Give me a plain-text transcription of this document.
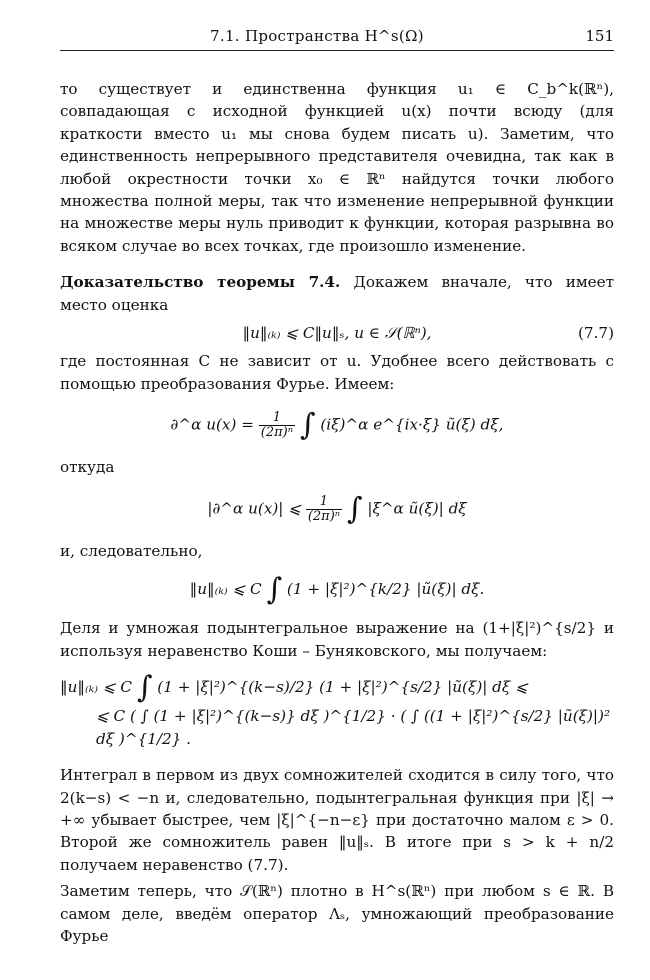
7.1. Пространства H^s(Ω)	151

то существует и единственна функция u₁ ∈ C_b^k(ℝⁿ), совпадающая с исходной функцией u(x) почти всюду (для краткости вместо u₁ мы снова будем писать u). Заметим, что единственность непрерывного представителя очевидна, так как в любой окрестности точки x₀ ∈ ℝⁿ найдутся точки любого множества полной меры, так что изменение непрерывной функции на множестве меры нуль приводит к функции, которая разрывна во всяком случае во всех точках, где произошло изменение.

Доказательство теоремы 7.4. Докажем вначале, что имеет место оценка

‖u‖₍ₖ₎ ⩽ C‖u‖ₛ, u ∈ 𝒮(ℝⁿ),	(7.7)

где постоянная C не зависит от u. Удобнее всего действовать с помощью преобразования Фурье. Имеем:

∂^α $u(x) = \frac{1}{\text{(2π)ⁿ}}$ ∫ (iξ)^α e^{ix·ξ} ũ(ξ) dξ,

откуда

|∂^α u(x)| ⩽ $\frac{1}{\text{(2π)ⁿ}}$ ∫ |ξ^α ũ(ξ)| dξ

и, следовательно,

‖u‖₍ₖ₎ ⩽ C ∫ (1 + |ξ|²)^{k/2} |ũ(ξ)| dξ.

Деля и умножая подынтегральное выражение на (1+|ξ|²)^{s/2} и используя неравенство Коши – Буняковского, мы получаем:

‖u‖₍ₖ₎ ⩽ C ∫ (1 + |ξ|²)^{(k−s)/2} (1 + |ξ|²)^{s/2} |ũ(ξ)| dξ ⩽
⩽ C ( ∫ (1 + |ξ|²)^{(k−s)} dξ )^{1/2} · ( ∫ ((1 + |ξ|²)^{s/2} |ũ(ξ)|)² dξ )^{1/2} .

Интеграл в первом из двух сомножителей сходится в силу того, что 2(k−s) < −n и, следовательно, подынтегральная функция при |ξ| → +∞ убывает быстрее, чем |ξ|^{−n−ε} при достаточно малом ε > 0. Второй же сомножитель равен ‖u‖ₛ. В итоге при s > k + n/2 получаем неравенство (7.7).

Заметим теперь, что 𝒮(ℝⁿ) плотно в H^s(ℝⁿ) при любом s ∈ ℝ. В самом деле, введём оператор Λₛ, умножающий преобразование Фурье
